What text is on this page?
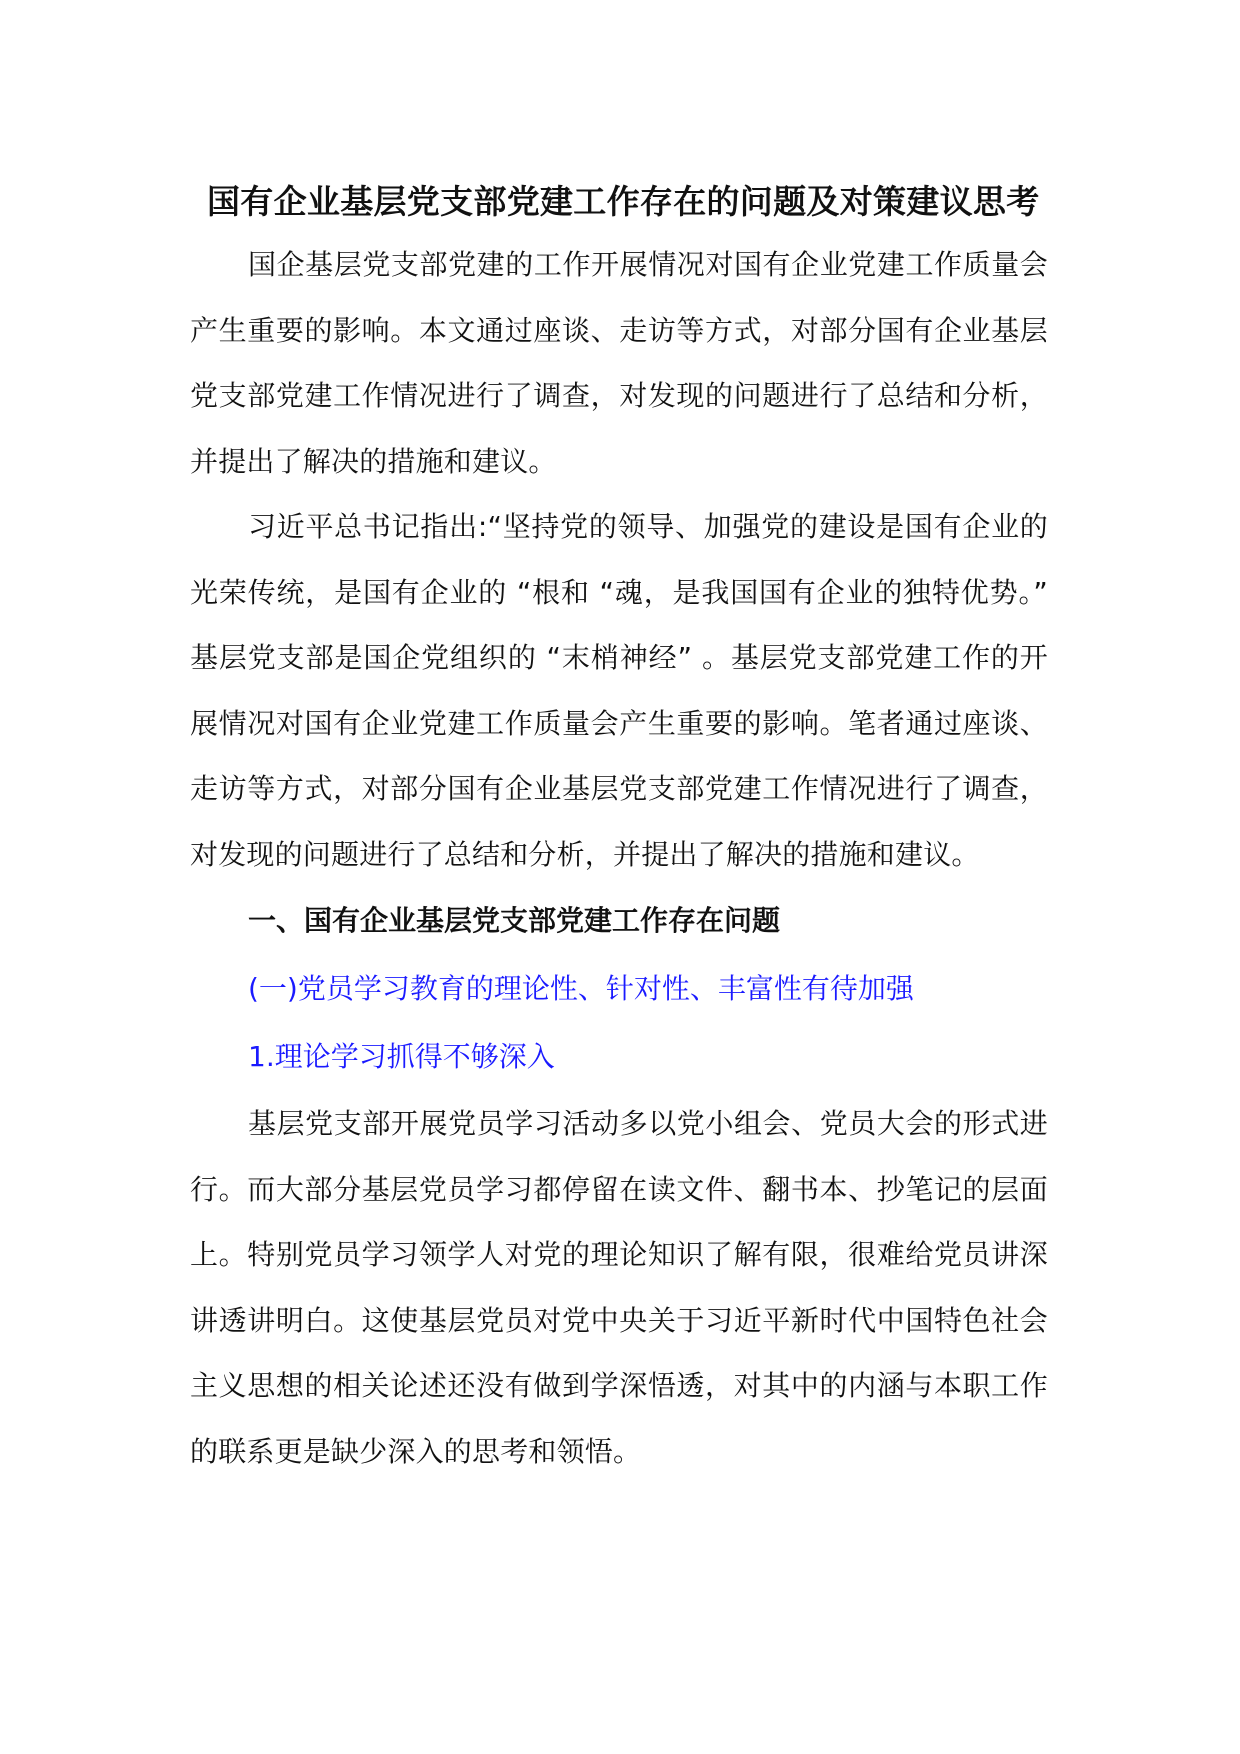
国有企业基层党支部党建工作存在的问题及对策建议思考

国企基层党支部党建的工作开展情况对国有企业党建工作质量会产生重要的影响。本文通过座谈、走访等方式，对部分国有企业基层党支部党建工作情况进行了调查，对发现的问题进行了总结和分析，并提出了解决的措施和建议。

习近平总书记指出:“坚持党的领导、加强党的建设是国有企业的光荣传统，是国有企业的 “根和 “魂，是我国国有企业的独特优势。” 基层党支部是国企党组织的 “末梢神经” 。基层党支部党建工作的开展情况对国有企业党建工作质量会产生重要的影响。笔者通过座谈、走访等方式，对部分国有企业基层党支部党建工作情况进行了调查，对发现的问题进行了总结和分析，并提出了解决的措施和建议。

一、国有企业基层党支部党建工作存在问题

(一)党员学习教育的理论性、针对性、丰富性有待加强

1.理论学习抓得不够深入

基层党支部开展党员学习活动多以党小组会、党员大会的形式进行。而大部分基层党员学习都停留在读文件、翻书本、抄笔记的层面上。特别党员学习领学人对党的理论知识了解有限，很难给党员讲深讲透讲明白。这使基层党员对党中央关于习近平新时代中国特色社会主义思想的相关论述还没有做到学深悟透，对其中的内涵与本职工作的联系更是缺少深入的思考和领悟。
